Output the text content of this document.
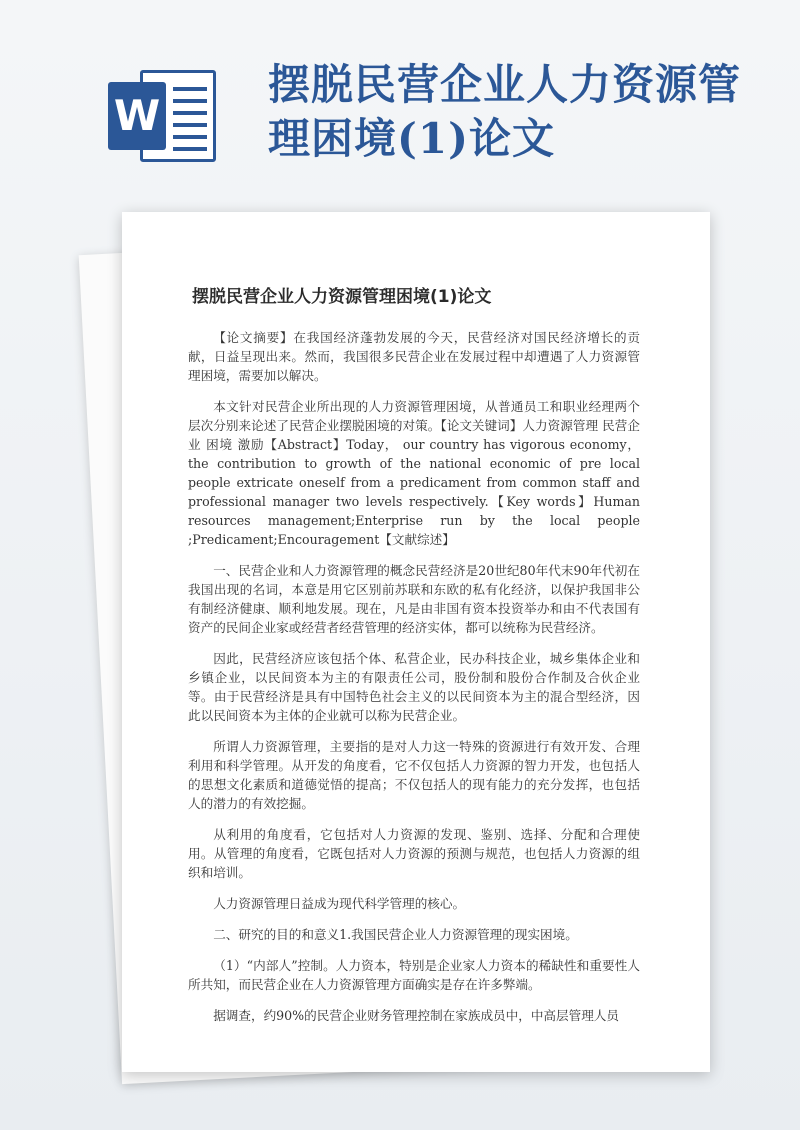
W
摆脱民营企业人力资源管理困境(1)论文
摆脱民营企业人力资源管理困境(1)论文

【论文摘要】在我国经济蓬勃发展的今天，民营经济对国民经济增长的贡献，日益呈现出来。然而，我国很多民营企业在发展过程中却遭遇了人力资源管理困境，需要加以解决。

本文针对民营企业所出现的人力资源管理困境，从普通员工和职业经理两个层次分别来论述了民营企业摆脱困境的对策。【论文关键词】人力资源管理 民营企业 困境 激励【Abstract】Today， our country has vigorous economy，the contribution to growth of the national economic of pre local people extricate oneself from a predicament from common staff and professional manager two levels respectively.【Key words】Human resources management;Enterprise run by the local people ;Predicament;Encouragement【文献综述】

一、民营企业和人力资源管理的概念民营经济是20世纪80年代末90年代初在我国出现的名词，本意是用它区别前苏联和东欧的私有化经济，以保护我国非公有制经济健康、顺利地发展。现在，凡是由非国有资本投资举办和由不代表国有资产的民间企业家或经营者经营管理的经济实体，都可以统称为民营经济。

因此，民营经济应该包括个体、私营企业，民办科技企业，城乡集体企业和乡镇企业，以民间资本为主的有限责任公司，股份制和股份合作制及合伙企业等。由于民营经济是具有中国特色社会主义的以民间资本为主的混合型经济，因此以民间资本为主体的企业就可以称为民营企业。

所谓人力资源管理，主要指的是对人力这一特殊的资源进行有效开发、合理利用和科学管理。从开发的角度看，它不仅包括人力资源的智力开发，也包括人的思想文化素质和道德觉悟的提高；不仅包括人的现有能力的充分发挥，也包括人的潜力的有效挖掘。

从利用的角度看，它包括对人力资源的发现、鉴别、选择、分配和合理使用。从管理的角度看，它既包括对人力资源的预测与规范，也包括人力资源的组织和培训。

人力资源管理日益成为现代科学管理的核心。

二、研究的目的和意义1.我国民营企业人力资源管理的现实困境。

（1）“内部人”控制。人力资本，特别是企业家人力资本的稀缺性和重要性人所共知，而民营企业在人力资源管理方面确实是存在许多弊端。

据调查，约90%的民营企业财务管理控制在家族成员中，中高层管理人员
